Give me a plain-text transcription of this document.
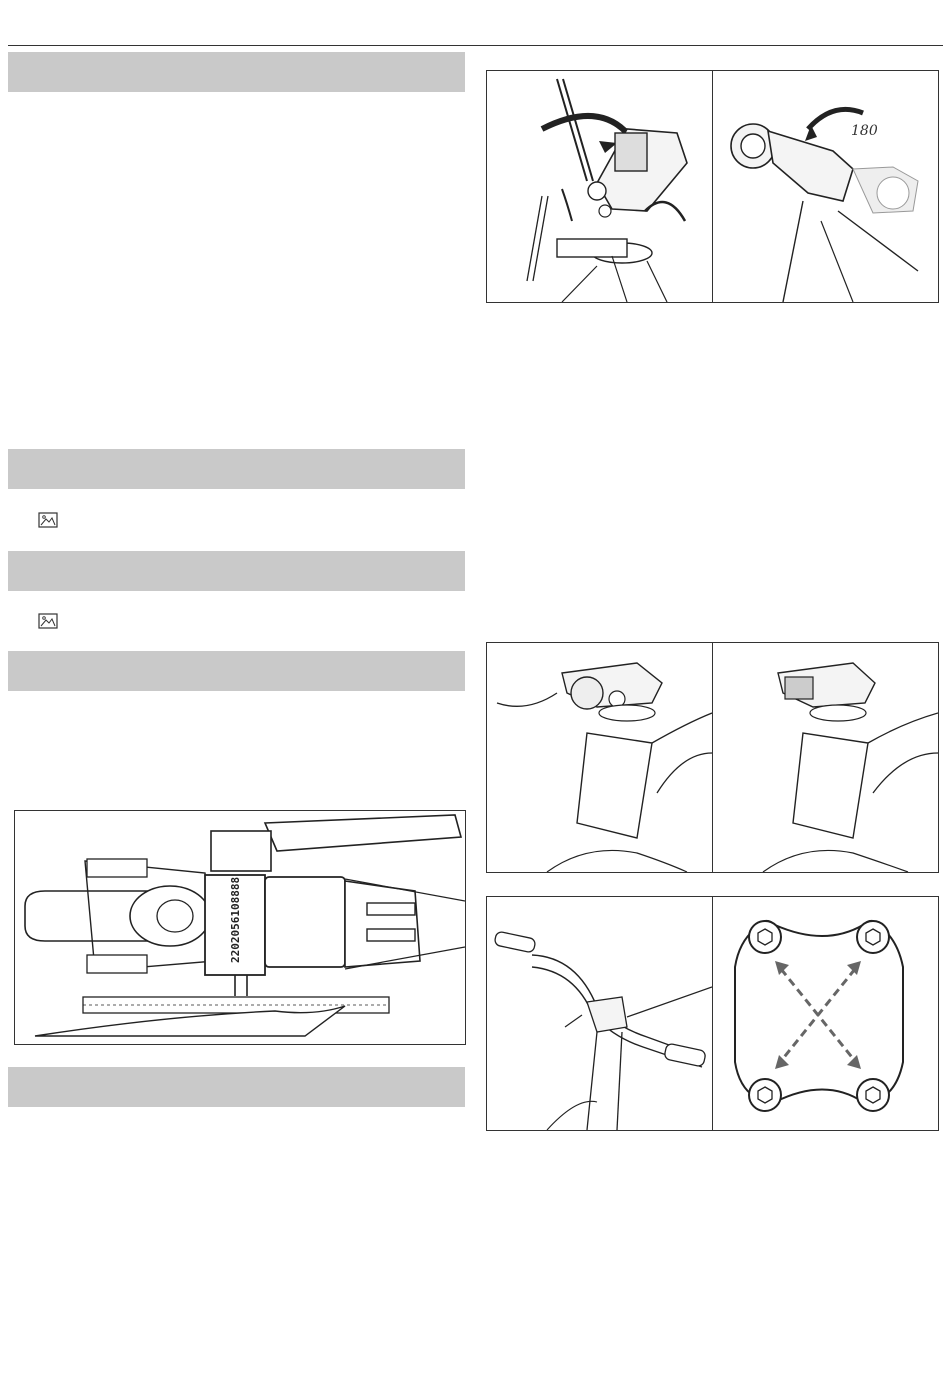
180
2202056108888
